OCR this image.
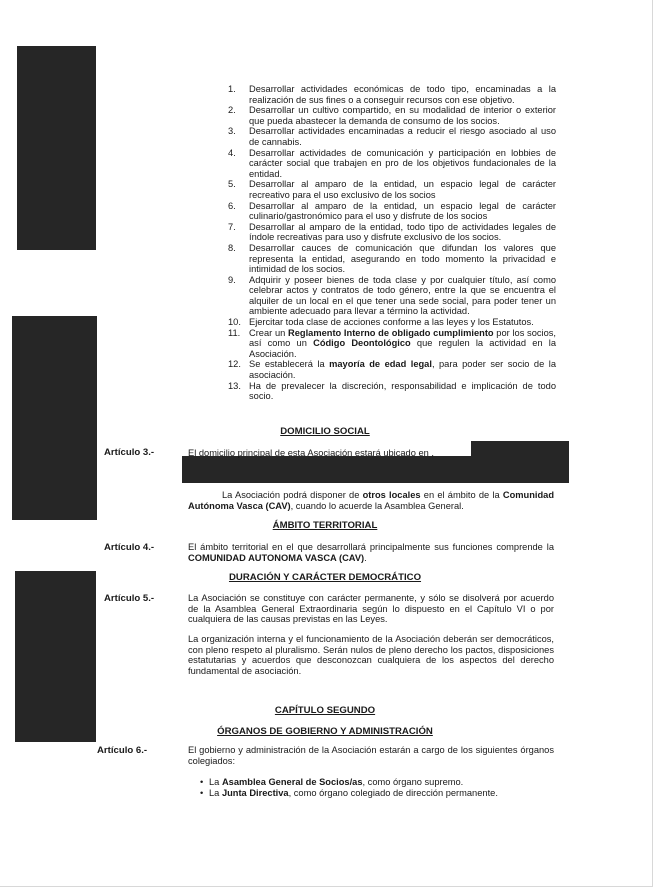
1.	Desarrollar actividades económicas de todo tipo, encaminadas a la realización de sus fines o a conseguir recursos con ese objetivo.
2.	Desarrollar un cultivo compartido, en su modalidad de interior o exterior que pueda abastecer la demanda de consumo de los socios.
3.	Desarrollar actividades encaminadas a reducir el riesgo asociado al uso de cannabis.
4.	Desarrollar actividades de comunicación y participación en lobbies de carácter social que trabajen en pro de los objetivos fundacionales de la entidad.
5.	Desarrollar al amparo de la entidad, un espacio legal de carácter recreativo para el uso exclusivo de los socios
6.	Desarrollar al amparo de la entidad, un espacio legal de carácter culinario/gastronómico para el uso y disfrute de los socios
7.	Desarrollar al amparo de la entidad, todo tipo de actividades legales de índole recreativas para uso y disfrute exclusivo de los socios.
8.	Desarrollar cauces de comunicación que difundan los valores que representa la entidad, asegurando en todo momento la privacidad e intimidad de los socios.
9.	Adquirir y poseer bienes de toda clase y por cualquier título, así como celebrar actos y contratos de todo género, entre la que se encuentra el alquiler de un local en el que tener una sede social, para poder tener un ambiente adecuado para llevar a término la actividad.
10. Ejercitar toda clase de acciones conforme a las leyes y los Estatutos.
11. Crear un Reglamento Interno de obligado cumplimiento por los socios, así como un Código Deontológico que regulen la actividad en la Asociación.
12. Se establecerá la mayoría de edad legal, para poder ser socio de la asociación.
13. Ha de prevalecer la discreción, responsabilidad e implicación de todo socio.
DOMICILIO SOCIAL
Artículo 3.-	El domicilio principal de esta Asociación estará ubicado en ,
La Asociación podrá disponer de otros locales en el ámbito de la Comunidad Autónoma Vasca (CAV), cuando lo acuerde la Asamblea General.
ÁMBITO TERRITORIAL
Artículo 4.-	El ámbito territorial en el que desarrollará principalmente sus funciones comprende la COMUNIDAD AUTONOMA VASCA (CAV).
DURACIÓN Y CARÁCTER DEMOCRÁTICO
Artículo 5.-	La Asociación se constituye con carácter permanente, y sólo se disolverá por acuerdo de la Asamblea General Extraordinaria según lo dispuesto en el Capítulo VI o por cualquiera de las causas previstas en las Leyes.
La organización interna y el funcionamiento de la Asociación deberán ser democráticos, con pleno respeto al pluralismo. Serán nulos de pleno derecho los pactos, disposiciones estatutarias y acuerdos que desconozcan cualquiera de los aspectos del derecho fundamental de asociación.
CAPÍTULO SEGUNDO
ÓRGANOS DE GOBIERNO Y ADMINISTRACIÓN
Artículo 6.-	El gobierno y administración de la Asociación estarán a cargo de los siguientes órganos colegiados:
• La Asamblea General de Socios/as, como órgano supremo.
• La Junta Directiva, como órgano colegiado de dirección permanente.
